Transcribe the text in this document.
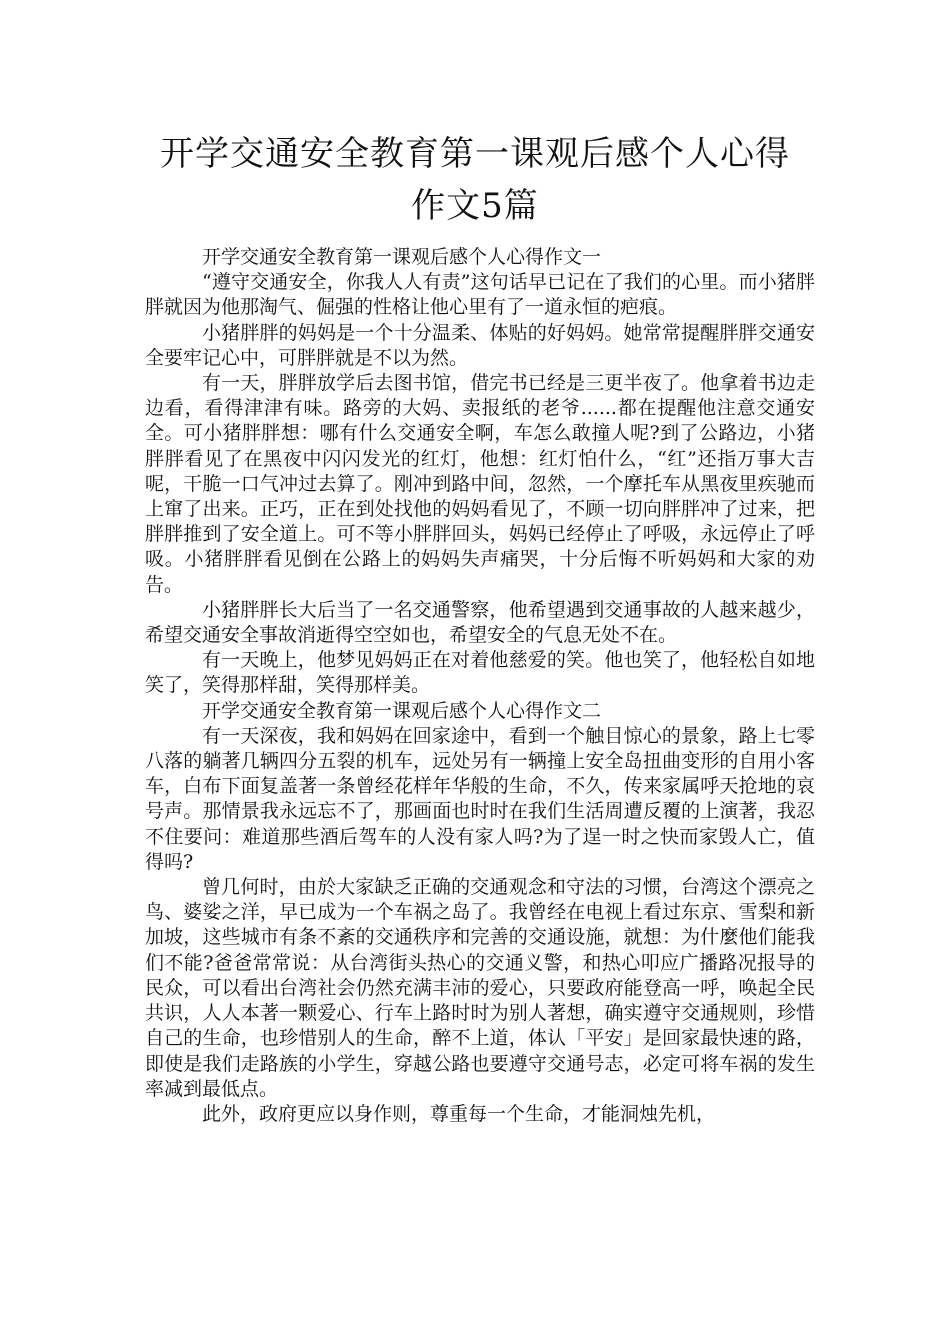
开学交通安全教育第一课观后感个人心得
作文5篇

开学交通安全教育第一课观后感个人心得作文一

“遵守交通安全，你我人人有责”这句话早已记在了我们的心里。而小猪胖胖就因为他那淘气、倔强的性格让他心里有了一道永恒的疤痕。

小猪胖胖的妈妈是一个十分温柔、体贴的好妈妈。她常常提醒胖胖交通安全要牢记心中，可胖胖就是不以为然。

有一天，胖胖放学后去图书馆，借完书已经是三更半夜了。他拿着书边走边看，看得津津有味。路旁的大妈、卖报纸的老爷......都在提醒他注意交通安全。可小猪胖胖想：哪有什么交通安全啊，车怎么敢撞人呢?到了公路边，小猪胖胖看见了在黑夜中闪闪发光的红灯，他想：红灯怕什么，“红”还指万事大吉呢，干脆一口气冲过去算了。刚冲到路中间，忽然，一个摩托车从黑夜里疾驰而上窜了出来。正巧，正在到处找他的妈妈看见了，不顾一切向胖胖冲了过来，把胖胖推到了安全道上。可不等小胖胖回头，妈妈已经停止了呼吸，永远停止了呼吸。小猪胖胖看见倒在公路上的妈妈失声痛哭，十分后悔不听妈妈和大家的劝告。

小猪胖胖长大后当了一名交通警察，他希望遇到交通事故的人越来越少，希望交通安全事故消逝得空空如也，希望安全的气息无处不在。

有一天晚上，他梦见妈妈正在对着他慈爱的笑。他也笑了，他轻松自如地笑了，笑得那样甜，笑得那样美。

开学交通安全教育第一课观后感个人心得作文二

有一天深夜，我和妈妈在回家途中，看到一个触目惊心的景象，路上七零八落的躺著几辆四分五裂的机车，远处另有一辆撞上安全岛扭曲变形的自用小客车，白布下面复盖著一条曾经花样年华般的生命，不久，传来家属呼天抢地的哀号声。那情景我永远忘不了，那画面也时时在我们生活周遭反覆的上演著，我忍不住要问：难道那些酒后驾车的人没有家人吗?为了逞一时之快而家毁人亡，值得吗?

曾几何时，由於大家缺乏正确的交通观念和守法的习惯，台湾这个漂亮之鸟、婆娑之洋，早已成为一个车祸之岛了。我曾经在电视上看过东京、雪梨和新加坡，这些城市有条不紊的交通秩序和完善的交通设施，就想：为什麼他们能我们不能?爸爸常常说：从台湾街头热心的交通义警，和热心叩应广播路况报导的民众，可以看出台湾社会仍然充满丰沛的爱心，只要政府能登高一呼，唤起全民共识，人人本著一颗爱心、行车上路时时为别人著想，确实遵守交通规则，珍惜自己的生命，也珍惜别人的生命，醉不上道，体认「平安」是回家最快速的路，即使是我们走路族的小学生，穿越公路也要遵守交通号志，必定可将车祸的发生率减到最低点。

此外，政府更应以身作则，尊重每一个生命，才能洞烛先机，
